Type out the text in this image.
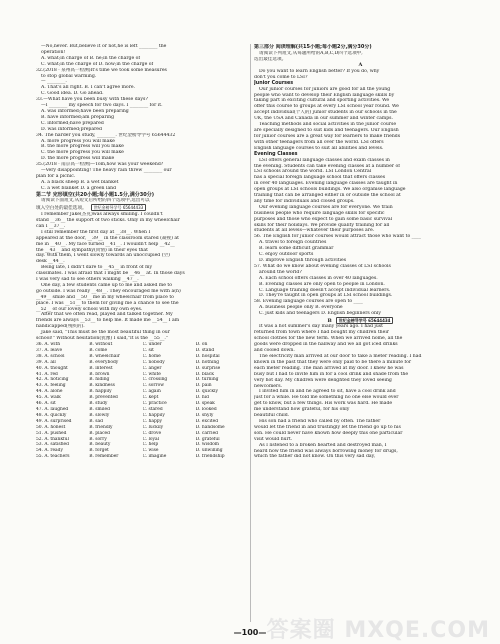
—No,never. But,believe it or not,he is left ________ the
operation!
A. what;in charge of B. he;in the charge of
C. what;in the charge of D. how;in the charge of
32.(2018 · 泉州高一检测)It's time we took some measures
to stop global warming.
— ________.
A. That's all right. B. I can't agree more.
C. Good idea. D. Go ahead.
33.—What have you been busy with these days?
—I ________ my speech for two days. I ________ for it.
A. was informed;have been preparing
B. have informed;am preparing
C. informed;have prepared
D. was informed;prepared
34. The harder you study, ________. 世纪金榜导学号 65644432
A. more progress you will make
B. the more progress will you make
C. the more progress you will make
D. the more progress will make
35.(2018 · 南京高一检测)—Tom,how was your weekend?
—Very disappointing! The heavy rain threw ________ our
plan for a picnic.
A. a black sheep B. a wet blanket
C. a wet blanket D. a green land
第二节 完形填空(共20小题;每小题1.5分,满分30分)
请阅读下面短文,从短文后所给的四个选项中,选出可以
填入空白处的最佳选项。 世纪金榜导学号 65644433
I remember Jake(杰克)was always smiling. I couldn't
stand __36__ the support of two sticks. Only in my wheelchair
can I __37__.
I still remember the first day at __38__. When I
appeared at the door, __39__ in the classroom stared (凝视) at
me in __40__. My face turned __41__. I wouldn't help __42__
the __43__ and sympathy(同情) in their eyes that
day. With them, I went slowly towards an unoccupied (空)
desk __44__.
Being late, I didn't dare to __45__ in front of my
classmates. I was afraid that I might be __46__ at. In those days
I was very sad to see others walking __47__.
One day, a few students came up to me and asked me to
go outside. I was really __48__. They encouraged me with a(n)
__49__ smile and __50__ me in my wheelchair from place to
place. I was __51__ to them for giving me a chance to see the
__52__ of our lovely school with my own eyes.
After that we often read, played and talked together. My
friends are always __53__ to help me. It made me __54__ I am
handicapped(残疾的).
Jake said, "This must be the most beautiful thing in our
school!" Without hesitation(犹豫) I said,"It is the __55__."
36. A. with	B. without	C. under	D. on
37. A. leave	B. come	C. sit	D. stand
38. A. school	B. wheelchair	C. home	D. hospital
39. A. all	B. everybody	C. nobody	D. nothing
40. A. thought	B. interest	C. anger	D. surprise
41. A. red	B. brown	C. white	D. black
42. A. noticing	B. hiding	C. crossing	D. turning
43. A. feeling	B. kindness	C. sorrow	D. pain
44. A. alone	B. happily	C. again	D. quickly
45. A. walk	B. prevented	C. kept	D. hid
46. A. sit	B. study	C. practice	D. speak
47. A. laughed	B. smiled	C. stared	D. looked
48. A. quickly	B. slowly	C. happily	D. shyly
49. A. surprised	B. sad	C. happy	D. excited
50. A. honest	B. friendly	C. luckily	D. handsome
51. A. pushed	B. placed	C. drove	D. carried
52. A. thankful	B. sorry	C. loyal	D. grateful
53. A. satisfied	B. beauty	C. help	D. wisdom
54. A. ready	B. forget	C. wise	D. unwilling
55. A. teachers	B. remember	C. imagine	D. friendship
第三部分 阅读理解(共15小题;每小题2分,满分30分)
请阅读下列短文,从每题所给的A,B,C,D四个选项中,
选出最佳选项。
A
Do you want to learn English better? If you do, why
don't you come to LSI?
Junior Courses
Our junior courses for juniors are good for all the young
people who want to develop their English language skills by
taking part in exciting cultural and sporting activities. We
offer this course to groups at every LSI school year round. We
accept individual(个人的) junior students in our schools in the
UK, the USA and Canada in our summer and winter camps.
Teaching methods and social activities in the junior course
are specially designed to suit kids and teenagers. Our English
for junior courses are a great way for learners to make friends
with other teenagers from all over the world. LSI offers
English language courses to suit all abilities and levels.
Evening Classes
LSI offers general language classes and exam classes in
the evening. Students can take evening classes at a number of
LSI schools around the world. LSI London Central
has a special foreign language school that offers classes
in over 40 languages. Evening language classes are taught in
open groups at LSI schools buildings. We also organise language
training that can be arranged either in or outside the school at
any time for individuals and closed groups.
Our evening language courses are for everyone. We train
business people who require language skills for specific
purposes and those who expect to gain some basic survival
skills for their holidays. We provide quality training for all
students at all levels—whatever their purposes are.
56. The English for junior courses would attract those who want to ____
A. travel to foreign countries
B. learn some difficult grammar
C. enjoy outdoor sports
D. improve English through activities
57. What do we know about evening classes of LSI schools
around the world?
A. Each school offers classes in over 40 languages.
B. Evening classes are only open to people in London.
C. Language training doesn't accept individual learners.
D. They're taught in open groups at LSI school buildings.
58. Evening language courses are open to ____
A. business people only B. everyone
C. just kids and teenagers D. English beginners only
B 世纪金榜导学号 65644434
It was a hot summer's day many years ago. I had just
returned from town where I had bought my children their
school clothes for the new term. When we arrived home, all the
goods were dropped in the hallway and we all got iced drinks
and cooled down.
The electricity man arrived at our door to take a meter reading. I had
known in the past that they were only paid to be there a minute for
each meter reading. The man arrived at my door. I knew he was
busy but I had to invite him in for a cool drink and shade from the
very hot day. My children were delighted they loved seeing
newcomers.
I invited him in and he agreed to sit, have a cool drink and
just for a while. He told me something no one else would ever
get to know, but a few things. His work was hard. He made
me understand how grateful, for his only
beautiful child.
His son had a friend who called by often. The father
would let the friend in and trustingly let the friend go up to his
son. He could never have known how deeply this one particular
visit would hurt.
As I listened to a broken hearted and destroyed man, I
heard how the friend was always borrowing money for drugs,
which the father did not know. On this very sad day,
—100— 答案圈 MXQE.COM
